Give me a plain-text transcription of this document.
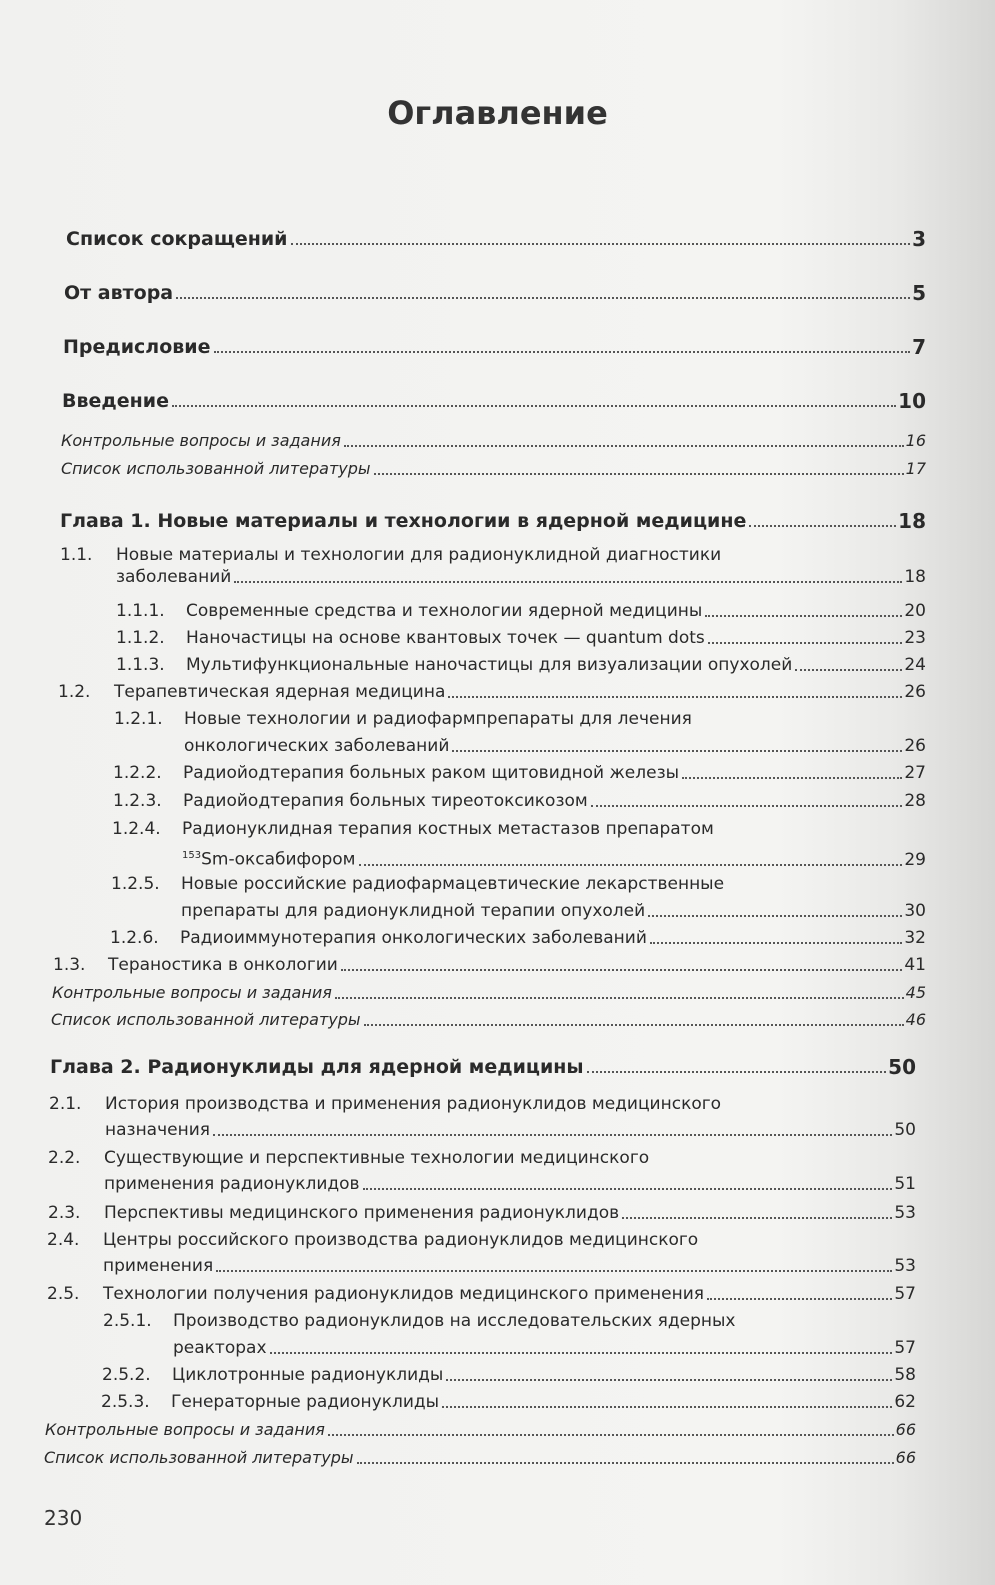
Оглавление
Список сокращений	3
От автора	5
Предисловие	7
Введение	10
Контрольные вопросы и задания	16
Список использованной литературы	17
Глава 1. Новые материалы и технологии в ядерной медицине	18
1.1. Новые материалы и технологии для радионуклидной диагностики
заболеваний	18
1.1.1. Современные средства и технологии ядерной медицины	20
1.1.2. Наночастицы на основе квантовых точек — quantum dots	23
1.1.3. Мультифункциональные наночастицы для визуализации опухолей	24
1.2. Терапевтическая ядерная медицина	26
1.2.1. Новые технологии и радиофармпрепараты для лечения
онкологических заболеваний	26
1.2.2. Радиойодтерапия больных раком щитовидной железы	27
1.2.3. Радиойодтерапия больных тиреотоксикозом	28
1.2.4. Радионуклидная терапия костных метастазов препаратом
$^{153}$Sm-оксабифором	29
1.2.5. Новые российские радиофармацевтические лекарственные
препараты для радионуклидной терапии опухолей	30
1.2.6. Радиоиммунотерапия онкологических заболеваний	32
1.3. Тераностика в онкологии	41
Контрольные вопросы и задания	45
Список использованной литературы	46
Глава 2. Радионуклиды для ядерной медицины	50
2.1. История производства и применения радионуклидов медицинского
назначения	50
2.2. Существующие и перспективные технологии медицинского
применения радионуклидов	51
2.3. Перспективы медицинского применения радионуклидов	53
2.4. Центры российского производства радионуклидов медицинского
применения	53
2.5. Технологии получения радионуклидов медицинского применения	57
2.5.1. Производство радионуклидов на исследовательских ядерных
реакторах	57
2.5.2. Циклотронные радионуклиды	58
2.5.3. Генераторные радионуклиды	62
Контрольные вопросы и задания	66
Список использованной литературы	66
230
